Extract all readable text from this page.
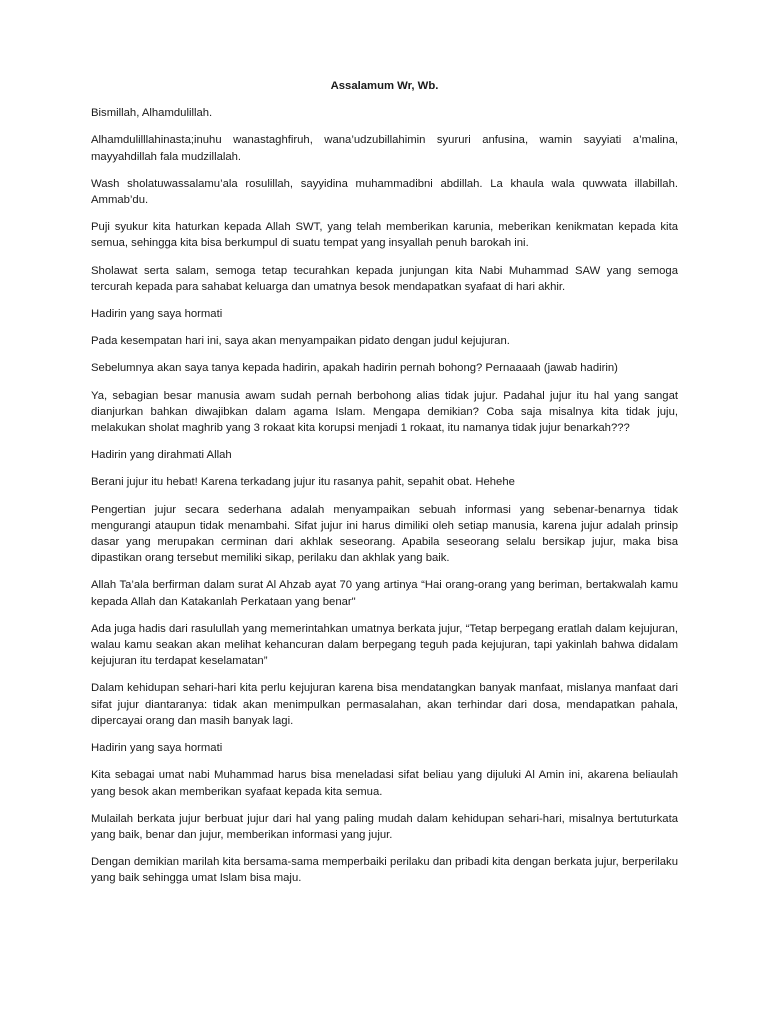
Assalamum Wr, Wb.

Bismillah, Alhamdulillah.

Alhamdulilllahinasta;inuhu wanastaghfiruh, wana’udzubillahimin syururi anfusina, wamin sayyiati a’malina, mayyahdillah fala mudzillalah.

Wash sholatuwassalamu’ala rosulillah, sayyidina muhammadibni abdillah. La khaula wala quwwata illabillah. Ammab’du.

Puji syukur kita haturkan kepada Allah SWT, yang telah memberikan karunia, meberikan kenikmatan kepada kita semua, sehingga kita bisa berkumpul di suatu tempat yang insyallah penuh barokah ini.

Sholawat serta salam, semoga tetap tecurahkan kepada junjungan kita Nabi Muhammad SAW yang semoga tercurah kepada para sahabat keluarga dan umatnya besok mendapatkan syafaat di hari akhir.

Hadirin yang saya hormati

Pada kesempatan hari ini, saya akan menyampaikan pidato dengan judul kejujuran.

Sebelumnya akan saya tanya kepada hadirin, apakah hadirin pernah bohong? Pernaaaah (jawab hadirin)

Ya, sebagian besar manusia awam sudah pernah berbohong alias tidak jujur. Padahal jujur itu hal yang sangat dianjurkan bahkan diwajibkan dalam agama Islam. Mengapa demikian? Coba saja misalnya kita tidak juju, melakukan sholat maghrib yang 3 rokaat kita korupsi menjadi 1 rokaat, itu namanya tidak jujur benarkah???

Hadirin yang dirahmati Allah

Berani jujur itu hebat! Karena terkadang jujur itu rasanya pahit, sepahit obat. Hehehe

Pengertian jujur secara sederhana adalah menyampaikan sebuah informasi yang sebenar-benarnya tidak mengurangi ataupun tidak menambahi. Sifat jujur ini harus dimiliki oleh setiap manusia, karena jujur adalah prinsip dasar yang merupakan cerminan dari akhlak seseorang. Apabila seseorang selalu bersikap jujur, maka bisa dipastikan orang tersebut memiliki sikap, perilaku dan akhlak yang baik.

Allah Ta’ala berfirman dalam surat Al Ahzab ayat 70 yang artinya “Hai orang-orang yang beriman, bertakwalah kamu kepada Allah dan Katakanlah Perkataan yang benar"

Ada juga hadis dari rasulullah yang memerintahkan umatnya berkata jujur, “Tetap berpegang eratlah dalam kejujuran, walau kamu seakan akan melihat kehancuran dalam berpegang teguh pada kejujuran, tapi yakinlah bahwa didalam kejujuran itu terdapat keselamatan”

Dalam kehidupan sehari-hari kita perlu kejujuran karena bisa mendatangkan banyak manfaat, mislanya manfaat dari sifat jujur diantaranya: tidak akan menimpulkan permasalahan, akan terhindar dari dosa, mendapatkan pahala, dipercayai orang dan masih banyak lagi.

Hadirin yang saya hormati

Kita sebagai umat nabi Muhammad harus bisa meneladasi sifat beliau yang dijuluki Al Amin ini, akarena beliaulah yang besok akan memberikan syafaat kepada kita semua.

Mulailah berkata jujur berbuat jujur dari hal yang paling mudah dalam kehidupan sehari-hari, misalnya bertuturkata yang baik, benar dan jujur, memberikan informasi yang jujur.

Dengan demikian marilah kita bersama-sama memperbaiki perilaku dan pribadi kita dengan berkata jujur, berperilaku yang baik sehingga umat Islam bisa maju.
